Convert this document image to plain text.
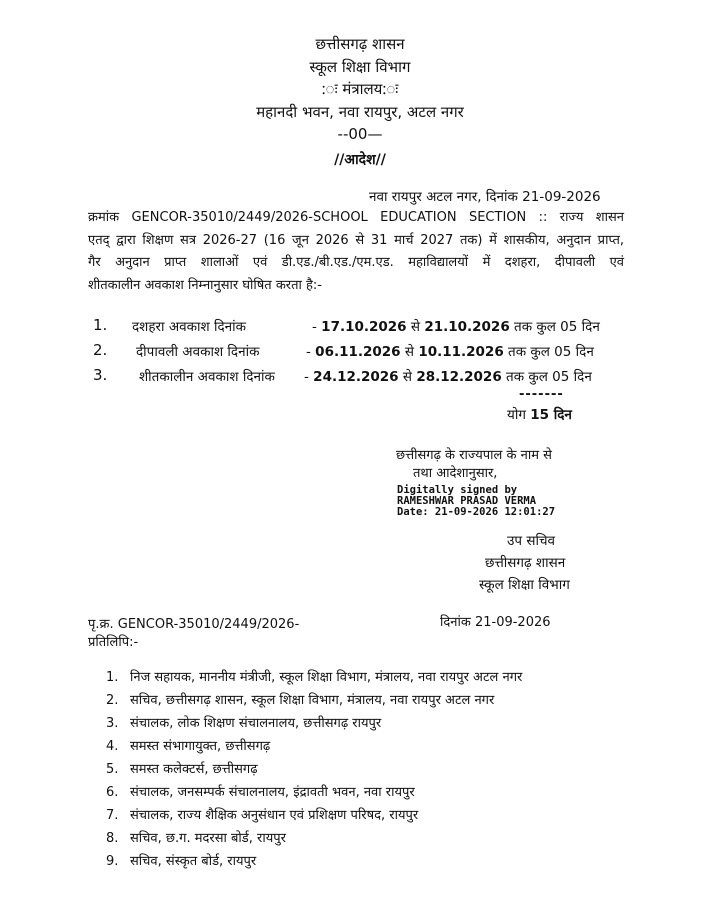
छत्तीसगढ़ शासन
स्कूल शिक्षा विभाग
:ः मंत्रालय:ः
महानदी भवन, नवा रायपुर, अटल नगर
--00—
//आदेश//
नवा रायपुर अटल नगर, दिनांक 21-09-2026
क्रमांक GENCOR-35010/2449/2026-SCHOOL EDUCATION SECTION :: राज्य शासन
एतद् द्वारा शिक्षण सत्र 2026-27 (16 जून 2026 से 31 मार्च 2027 तक) में शासकीय, अनुदान प्राप्त,
गैर अनुदान प्राप्त शालाओं एवं डी.एड./बी.एड./एम.एड. महाविद्यालयों में दशहरा, दीपावली एवं
शीतकालीन अवकाश निम्नानुसार घोषित करता है:-
1. दशहरा अवकाश दिनांक	- 17.10.2026 से 21.10.2026 तक कुल 05 दिन
2. दीपावली अवकाश दिनांक	- 06.11.2026 से 10.11.2026 तक कुल 05 दिन
3. शीतकालीन अवकाश दिनांक - 24.12.2026 से 28.12.2026 तक कुल 05 दिन
-------
योग 15 दिन
छत्तीसगढ़ के राज्यपाल के नाम से
तथा आदेशानुसार,
Digitally signed by
RAMESHWAR PRASAD VERMA
Date: 21-09-2026 12:01:27
उप सचिव
छत्तीसगढ़ शासन
स्कूल शिक्षा विभाग
पृ.क्र. GENCOR-35010/2449/2026-	दिनांक 21-09-2026
प्रतिलिपि:-
1. निज सहायक, माननीय मंत्रीजी, स्कूल शिक्षा विभाग, मंत्रालय, नवा रायपुर अटल नगर
2. सचिव, छत्तीसगढ़ शासन, स्कूल शिक्षा विभाग, मंत्रालय, नवा रायपुर अटल नगर
3. संचालक, लोक शिक्षण संचालनालय, छत्तीसगढ़ रायपुर
4. समस्त संभागायुक्त, छत्तीसगढ़
5. समस्त कलेक्टर्स, छत्तीसगढ़
6. संचालक, जनसम्पर्क संचालनालय, इंद्रावती भवन, नवा रायपुर
7. संचालक, राज्य शैक्षिक अनुसंधान एवं प्रशिक्षण परिषद, रायपुर
8. सचिव, छ.ग. मदरसा बोर्ड, रायपुर
9. सचिव, संस्कृत बोर्ड, रायपुर
